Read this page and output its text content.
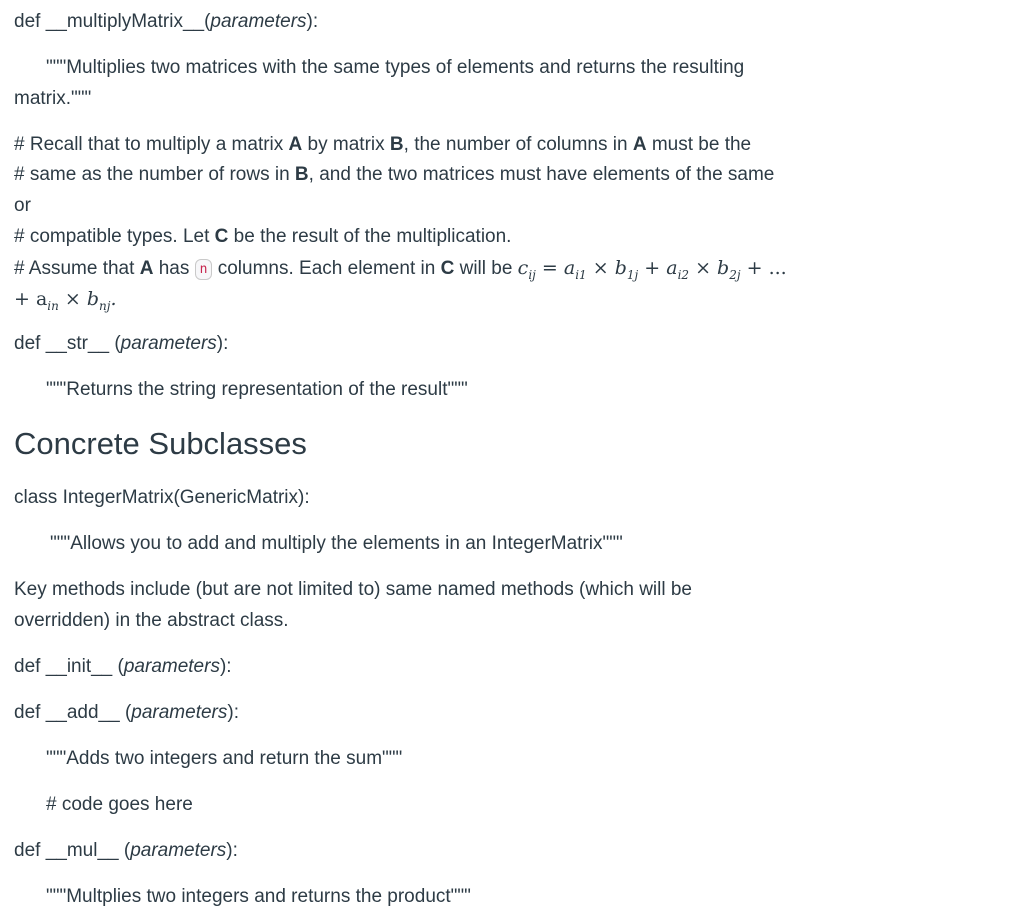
def __multiplyMatrix__(parameters):
"""Multiplies two matrices with the same types of elements and returns the resulting
matrix."""
# Recall that to multiply a matrix A by matrix B, the number of columns in A must be the
# same as the number of rows in B, and the two matrices must have elements of the same
or
# compatible types. Let C be the result of the multiplication.
# Assume that A has n columns. Each element in C will be $c_{ij} = a_{i1} \times b_{1j} + a_{i2} \times b_{2j}$ + ...
+ $a_{in} \times b_{nj}$.
def __str__ (parameters):
"""Returns the string representation of the result"""
Concrete Subclasses
class IntegerMatrix(GenericMatrix):
"""Allows you to add and multiply the elements in an IntegerMatrix"""
Key methods include (but are not limited to) same named methods (which will be
overridden) in the abstract class.
def __init__ (parameters):
def __add__ (parameters):
"""Adds two integers and return the sum"""
# code goes here
def __mul__ (parameters):
"""Multplies two integers and returns the product"""
